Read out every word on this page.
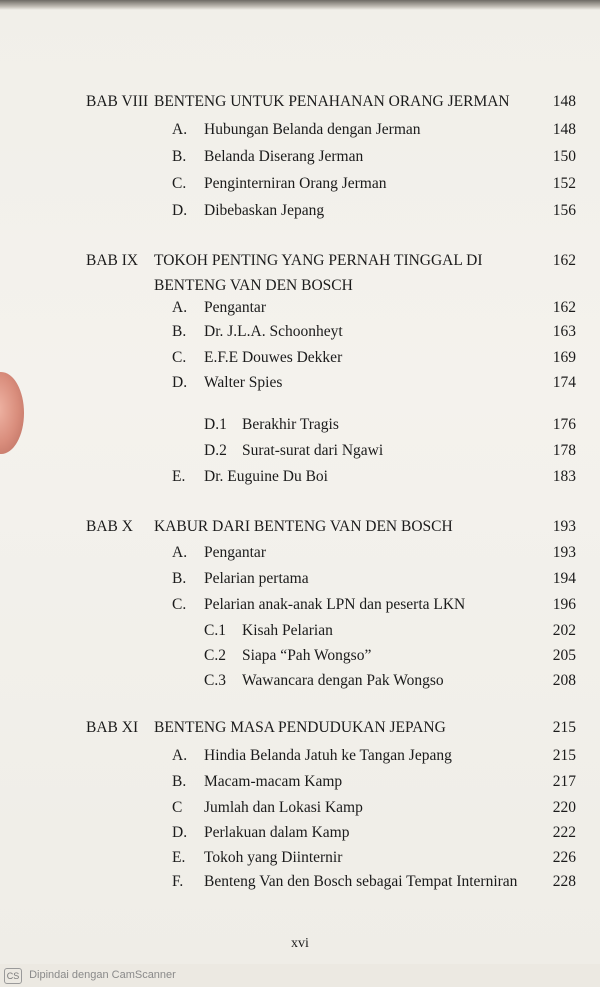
BAB VIII BENTENG UNTUK PENAHANAN ORANG JERMAN	148
A. Hubungan Belanda dengan Jerman	148
B. Belanda Diserang Jerman	150
C. Penginterniran Orang Jerman	152
D. Dibebaskan Jepang	156
BAB IX TOKOH PENTING YANG PERNAH TINGGAL DI	162
BENTENG VAN DEN BOSCH
A. Pengantar	162
B. Dr. J.L.A. Schoonheyt	163
C. E.F.E Douwes Dekker	169
D. Walter Spies	174
D.1 Berakhir Tragis	176
D.2 Surat-surat dari Ngawi	178
E. Dr. Euguine Du Boi	183
BAB X KABUR DARI BENTENG VAN DEN BOSCH	193
A. Pengantar	193
B. Pelarian pertama	194
C. Pelarian anak-anak LPN dan peserta LKN	196
C.1 Kisah Pelarian	202
C.2 Siapa “Pah Wongso”	205
C.3 Wawancara dengan Pak Wongso	208
BAB XI BENTENG MASA PENDUDUKAN JEPANG	215
A. Hindia Belanda Jatuh ke Tangan Jepang	215
B. Macam-macam Kamp	217
C Jumlah dan Lokasi Kamp	220
D. Perlakuan dalam Kamp	222
E. Tokoh yang Diinternir	226
F. Benteng Van den Bosch sebagai Tempat Interniran 228
xvi
CS Dipindai dengan CamScanner
